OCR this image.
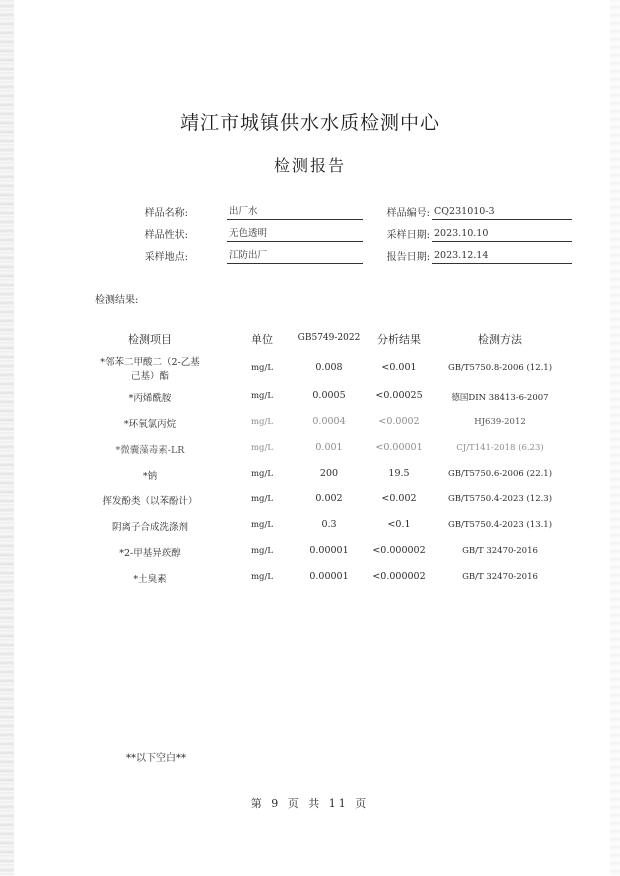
靖江市城镇供水水质检测中心
检测报告
样品名称:	出厂水	样品编号: CQ231010-3
样品性状:	无色透明	采样日期: 2023.10.10
采样地点:	江防出厂	报告日期: 2023.12.14
检测结果:
检测项目	单位	GB5749-2022	分析结果	检测方法
*邻苯二甲酸二（2-乙基
己基）酯
mg/L	0.008	<0.001	GB/T5750.8-2006 (12.1)
*丙烯酰胺	mg/L	0.0005	<0.00025	德国DIN 38413-6-2007
*环氧氯丙烷	mg/L	0.0004	<0.0002	HJ639-2012
*微囊藻毒素-LR	mg/L	0.001	<0.00001	CJ/T141-2018 (6.23)
*钠	mg/L	200	19.5	GB/T5750.6-2006 (22.1)
挥发酚类（以苯酚计）	mg/L	0.002	<0.002	GB/T5750.4-2023 (12.3)
阴离子合成洗涤剂	mg/L	0.3	<0.1	GB/T5750.4-2023 (13.1)
*2-甲基异莰醇	mg/L	0.00001	<0.000002	GB/T 32470-2016
*土臭素	mg/L	0.00001	<0.000002	GB/T 32470-2016
**以下空白**
第 9 页 共 11 页
